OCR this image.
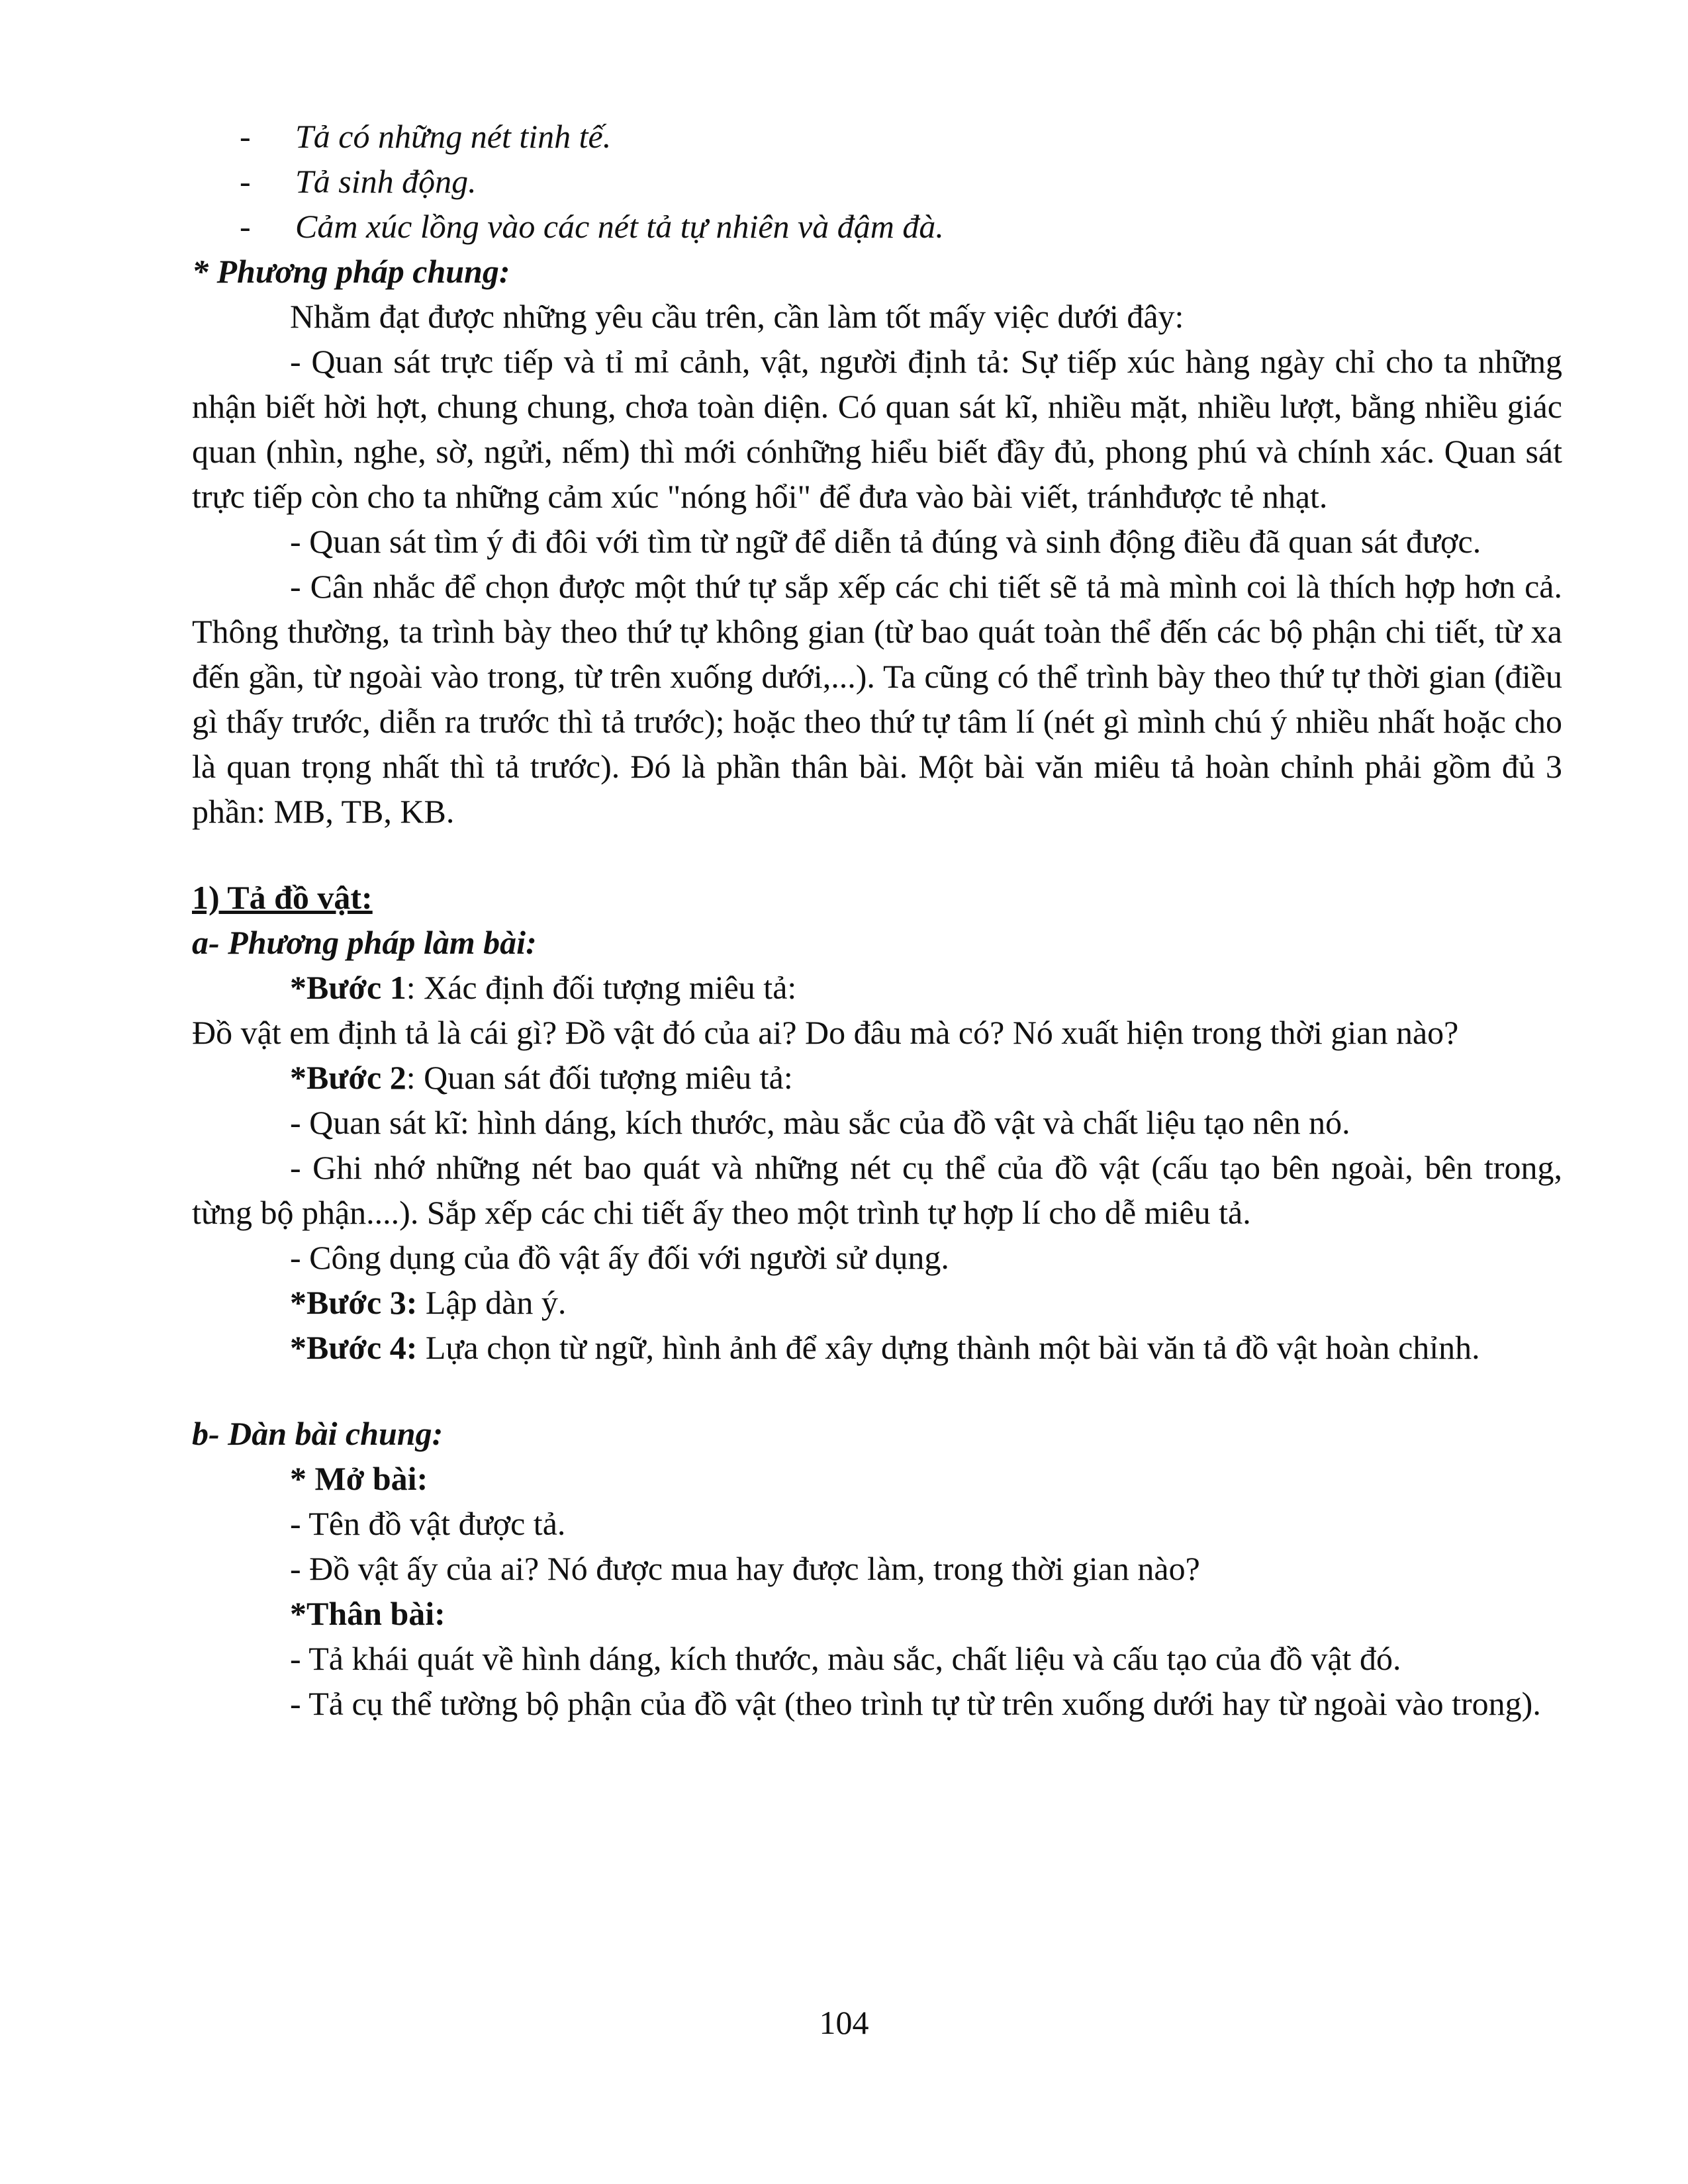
- Tả có những nét tinh tế.
- Tả sinh động.
- Cảm xúc lồng vào các nét tả tự nhiên và đậm đà.
* Phương pháp chung:
Nhằm đạt được những yêu cầu trên, cần làm tốt mấy việc dưới đây:
- Quan sát trực tiếp và tỉ mỉ cảnh, vật, người định tả: Sự tiếp xúc hàng ngày chỉ cho ta những nhận biết hời hợt, chung chung, chơa toàn diện. Có quan sát kĩ, nhiều mặt, nhiều lượt, bằng nhiều giác quan (nhìn, nghe, sờ, ngửi, nếm) thì mới cónhững hiểu biết đầy đủ, phong phú và chính xác. Quan sát trực tiếp còn cho ta những cảm xúc "nóng hổi" để đưa vào bài viết, tránhđược tẻ nhạt.
- Quan sát tìm ý đi đôi với tìm từ ngữ để diễn tả đúng và sinh động điều đã quan sát được.
- Cân nhắc để chọn được một thứ tự sắp xếp các chi tiết sẽ tả mà mình coi là thích hợp hơn cả. Thông thường, ta trình bày theo thứ tự không gian (từ bao quát toàn thể đến các bộ phận chi tiết, từ xa đến gần, từ ngoài vào trong, từ trên xuống dưới,...). Ta cũng có thể trình bày theo thứ tự thời gian (điều gì thấy trước, diễn ra trước thì tả trước); hoặc theo thứ tự tâm lí (nét gì mình chú ý nhiều nhất hoặc cho là quan trọng nhất thì tả trước). Đó là phần thân bài. Một bài văn miêu tả hoàn chỉnh phải gồm đủ 3 phần: MB, TB, KB.
1) Tả đồ vật:
a- Phương pháp làm bài:
*Bước 1: Xác định đối tượng miêu tả:
Đồ vật em định tả là cái gì? Đồ vật đó của ai? Do đâu mà có? Nó xuất hiện trong thời gian nào?
*Bước 2: Quan sát đối tượng miêu tả:
- Quan sát kĩ: hình dáng, kích thước, màu sắc của đồ vật và chất liệu tạo nên nó.
- Ghi nhớ những nét bao quát và những nét cụ thể của đồ vật (cấu tạo bên ngoài, bên trong, từng bộ phận....). Sắp xếp các chi tiết ấy theo một trình tự hợp lí cho dễ miêu tả.
- Công dụng của đồ vật ấy đối với người sử dụng.
*Bước 3: Lập dàn ý.
*Bước 4: Lựa chọn từ ngữ, hình ảnh để xây dựng thành một bài văn tả đồ vật hoàn chỉnh.
b- Dàn bài chung:
* Mở bài:
- Tên đồ vật được tả.
- Đồ vật ấy của ai? Nó được mua hay được làm, trong thời gian nào?
*Thân bài:
- Tả khái quát về hình dáng, kích thước, màu sắc, chất liệu và cấu tạo của đồ vật đó.
- Tả cụ thể tường bộ phận của đồ vật (theo trình tự từ trên xuống dưới hay từ ngoài vào trong).
104
